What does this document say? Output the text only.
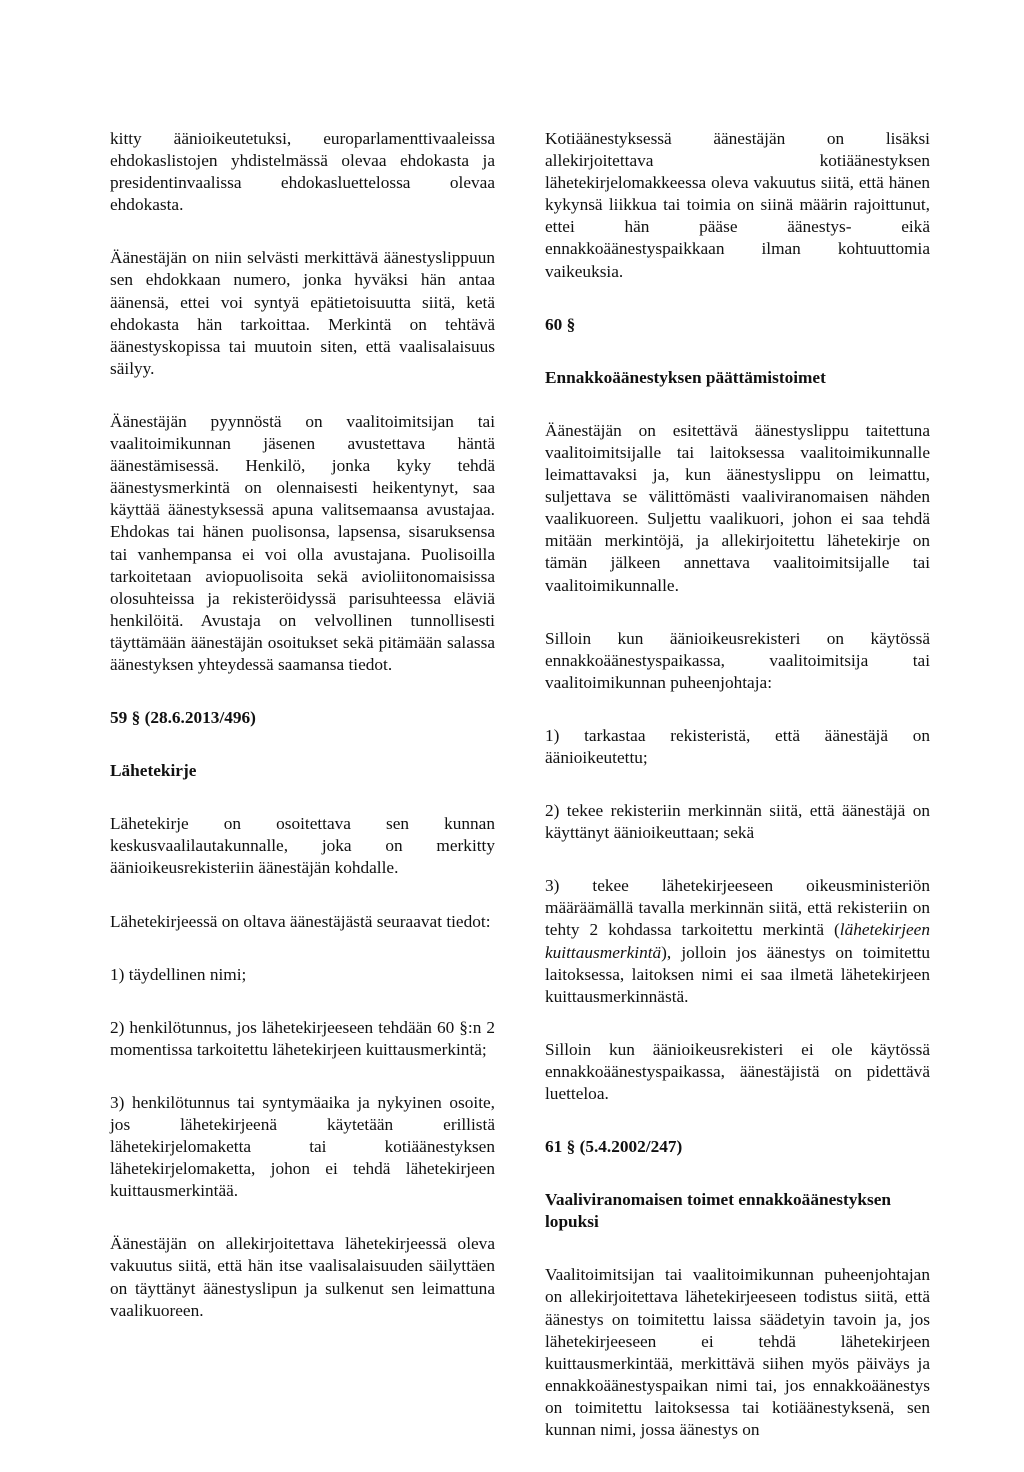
kitty äänioikeutetuksi, europarlamenttivaaleissa ehdokaslistojen yhdistelmässä olevaa ehdokasta ja presidentinvaalissa ehdokasluettelossa olevaa ehdokasta.

Äänestäjän on niin selvästi merkittävä äänestyslippuun sen ehdokkaan numero, jonka hyväksi hän antaa äänensä, ettei voi syntyä epätietoisuutta siitä, ketä ehdokasta hän tarkoittaa. Merkintä on tehtävä äänestyskopissa tai muutoin siten, että vaalisalaisuus säilyy.

Äänestäjän pyynnöstä on vaalitoimitsijan tai vaalitoimikunnan jäsenen avustettava häntä äänestämisessä. Henkilö, jonka kyky tehdä äänestysmerkintä on olennaisesti heikentynyt, saa käyttää äänestyksessä apuna valitsemaansa avustajaa. Ehdokas tai hänen puolisonsa, lapsensa, sisaruksensa tai vanhempansa ei voi olla avustajana. Puolisoilla tarkoitetaan aviopuolisoita sekä avioliitonomaisissa olosuhteissa ja rekisteröidyssä parisuhteessa eläviä henkilöitä. Avustaja on velvollinen tunnollisesti täyttämään äänestäjän osoitukset sekä pitämään salassa äänestyksen yhteydessä saamansa tiedot.

59 § (28.6.2013/496)

Lähetekirje

Lähetekirje on osoitettava sen kunnan keskusvaalilautakunnalle, joka on merkitty äänioikeusrekisteriin äänestäjän kohdalle.

Lähetekirjeessä on oltava äänestäjästä seuraavat tiedot:

1) täydellinen nimi;

2) henkilötunnus, jos lähetekirjeeseen tehdään 60 §:n 2 momentissa tarkoitettu lähetekirjeen kuittausmerkintä;

3) henkilötunnus tai syntymäaika ja nykyinen osoite, jos lähetekirjeenä käytetään erillistä lähetekirjelomaketta tai kotiäänestyksen lähetekirjelomaketta, johon ei tehdä lähetekirjeen kuittausmerkintää.

Äänestäjän on allekirjoitettava lähetekirjeessä oleva vakuutus siitä, että hän itse vaalisalaisuuden säilyttäen on täyttänyt äänestyslipun ja sulkenut sen leimattuna vaalikuoreen.

Kotiäänestyksessä äänestäjän on lisäksi allekirjoitettava kotiäänestyksen lähetekirjelomakkeessa oleva vakuutus siitä, että hänen kykynsä liikkua tai toimia on siinä määrin rajoittunut, ettei hän pääse äänestys- eikä ennakkoäänestyspaikkaan ilman kohtuuttomia vaikeuksia.

60 §

Ennakkoäänestyksen päättämistoimet

Äänestäjän on esitettävä äänestyslippu taitettuna vaalitoimitsijalle tai laitoksessa vaalitoimikunnalle leimattavaksi ja, kun äänestyslippu on leimattu, suljettava se välittömästi vaaliviranomaisen nähden vaalikuoreen. Suljettu vaalikuori, johon ei saa tehdä mitään merkintöjä, ja allekirjoitettu lähetekirje on tämän jälkeen annettava vaalitoimitsijalle tai vaalitoimikunnalle.

Silloin kun äänioikeusrekisteri on käytössä ennakkoäänestyspaikassa, vaalitoimitsija tai vaalitoimikunnan puheenjohtaja:

1) tarkastaa rekisteristä, että äänestäjä on äänioikeutettu;

2) tekee rekisteriin merkinnän siitä, että äänestäjä on käyttänyt äänioikeuttaan; sekä

3) tekee lähetekirjeeseen oikeusministeriön määräämällä tavalla merkinnän siitä, että rekisteriin on tehty 2 kohdassa tarkoitettu merkintä (lähetekirjeen kuittausmerkintä), jolloin jos äänestys on toimitettu laitoksessa, laitoksen nimi ei saa ilmetä lähetekirjeen kuittausmerkinnästä.

Silloin kun äänioikeusrekisteri ei ole käytössä ennakkoäänestyspaikassa, äänestäjistä on pidettävä luetteloa.

61 § (5.4.2002/247)

Vaaliviranomaisen toimet ennakkoäänestyksen lopuksi

Vaalitoimitsijan tai vaalitoimikunnan puheenjohtajan on allekirjoitettava lähetekirjeeseen todistus siitä, että äänestys on toimitettu laissa säädetyin tavoin ja, jos lähetekirjeeseen ei tehdä lähetekirjeen kuittausmerkintää, merkittävä siihen myös päiväys ja ennakkoäänestyspaikan nimi tai, jos ennakkoäänestys on toimitettu laitoksessa tai kotiäänestyksenä, sen kunnan nimi, jossa äänestys on
